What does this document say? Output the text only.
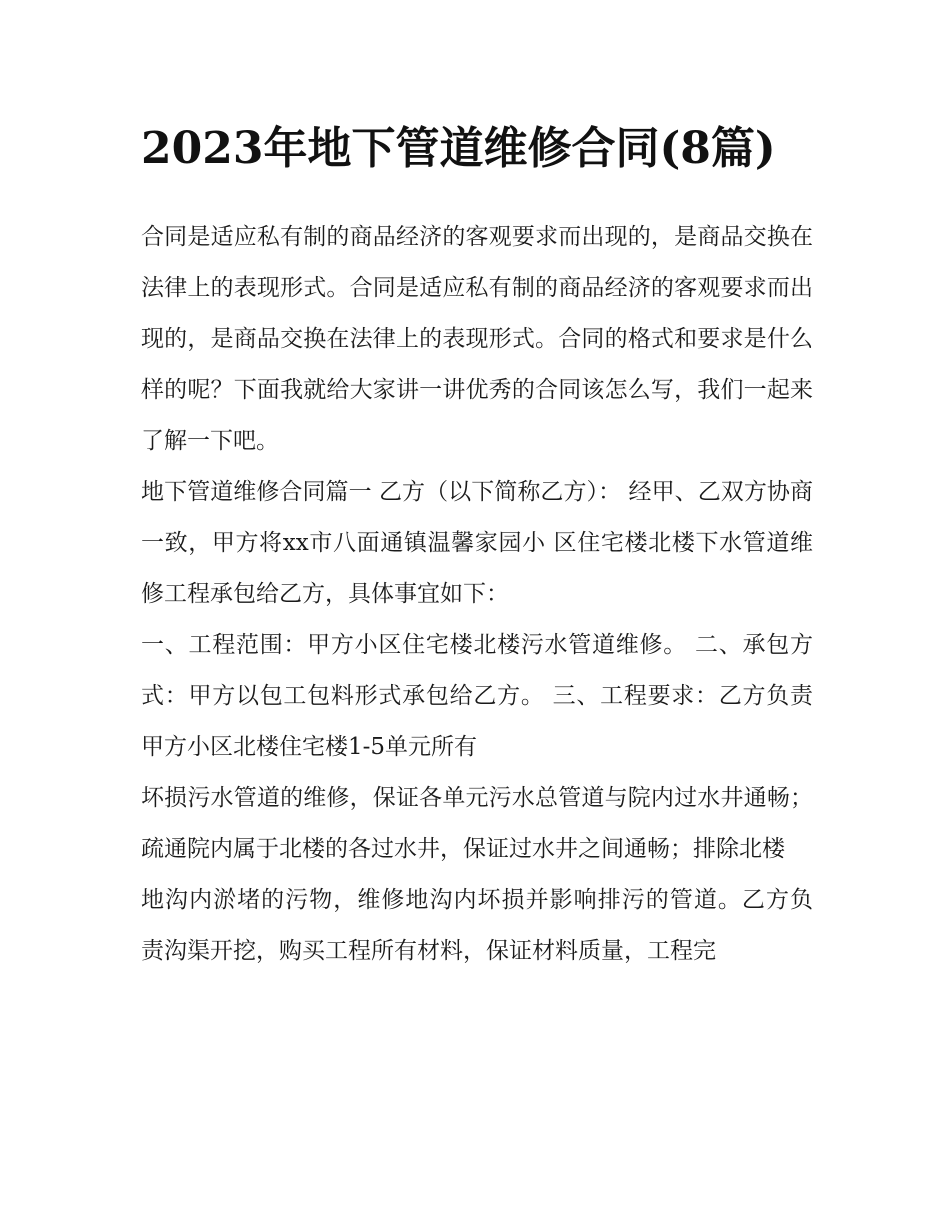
2023年地下管道维修合同(8篇)

合同是适应私有制的商品经济的客观要求而出现的，是商品交换在法律上的表现形式。合同是适应私有制的商品经济的客观要求而出现的，是商品交换在法律上的表现形式。合同的格式和要求是什么样的呢？下面我就给大家讲一讲优秀的合同该怎么写，我们一起来了解一下吧。

地下管道维修合同篇一 乙方（以下简称乙方）： 经甲、乙双方协商一致，甲方将xx市八面通镇温馨家园小 区住宅楼北楼下水管道维修工程承包给乙方，具体事宜如下：

一、工程范围：甲方小区住宅楼北楼污水管道维修。 二、承包方式：甲方以包工包料形式承包给乙方。 三、工程要求：乙方负责甲方小区北楼住宅楼1-5单元所有

坏损污水管道的维修，保证各单元污水总管道与院内过水井通畅； 疏通院内属于北楼的各过水井，保证过水井之间通畅；排除北楼

地沟内淤堵的污物，维修地沟内坏损并影响排污的管道。乙方负 责沟渠开挖，购买工程所有材料，保证材料质量，工程完
